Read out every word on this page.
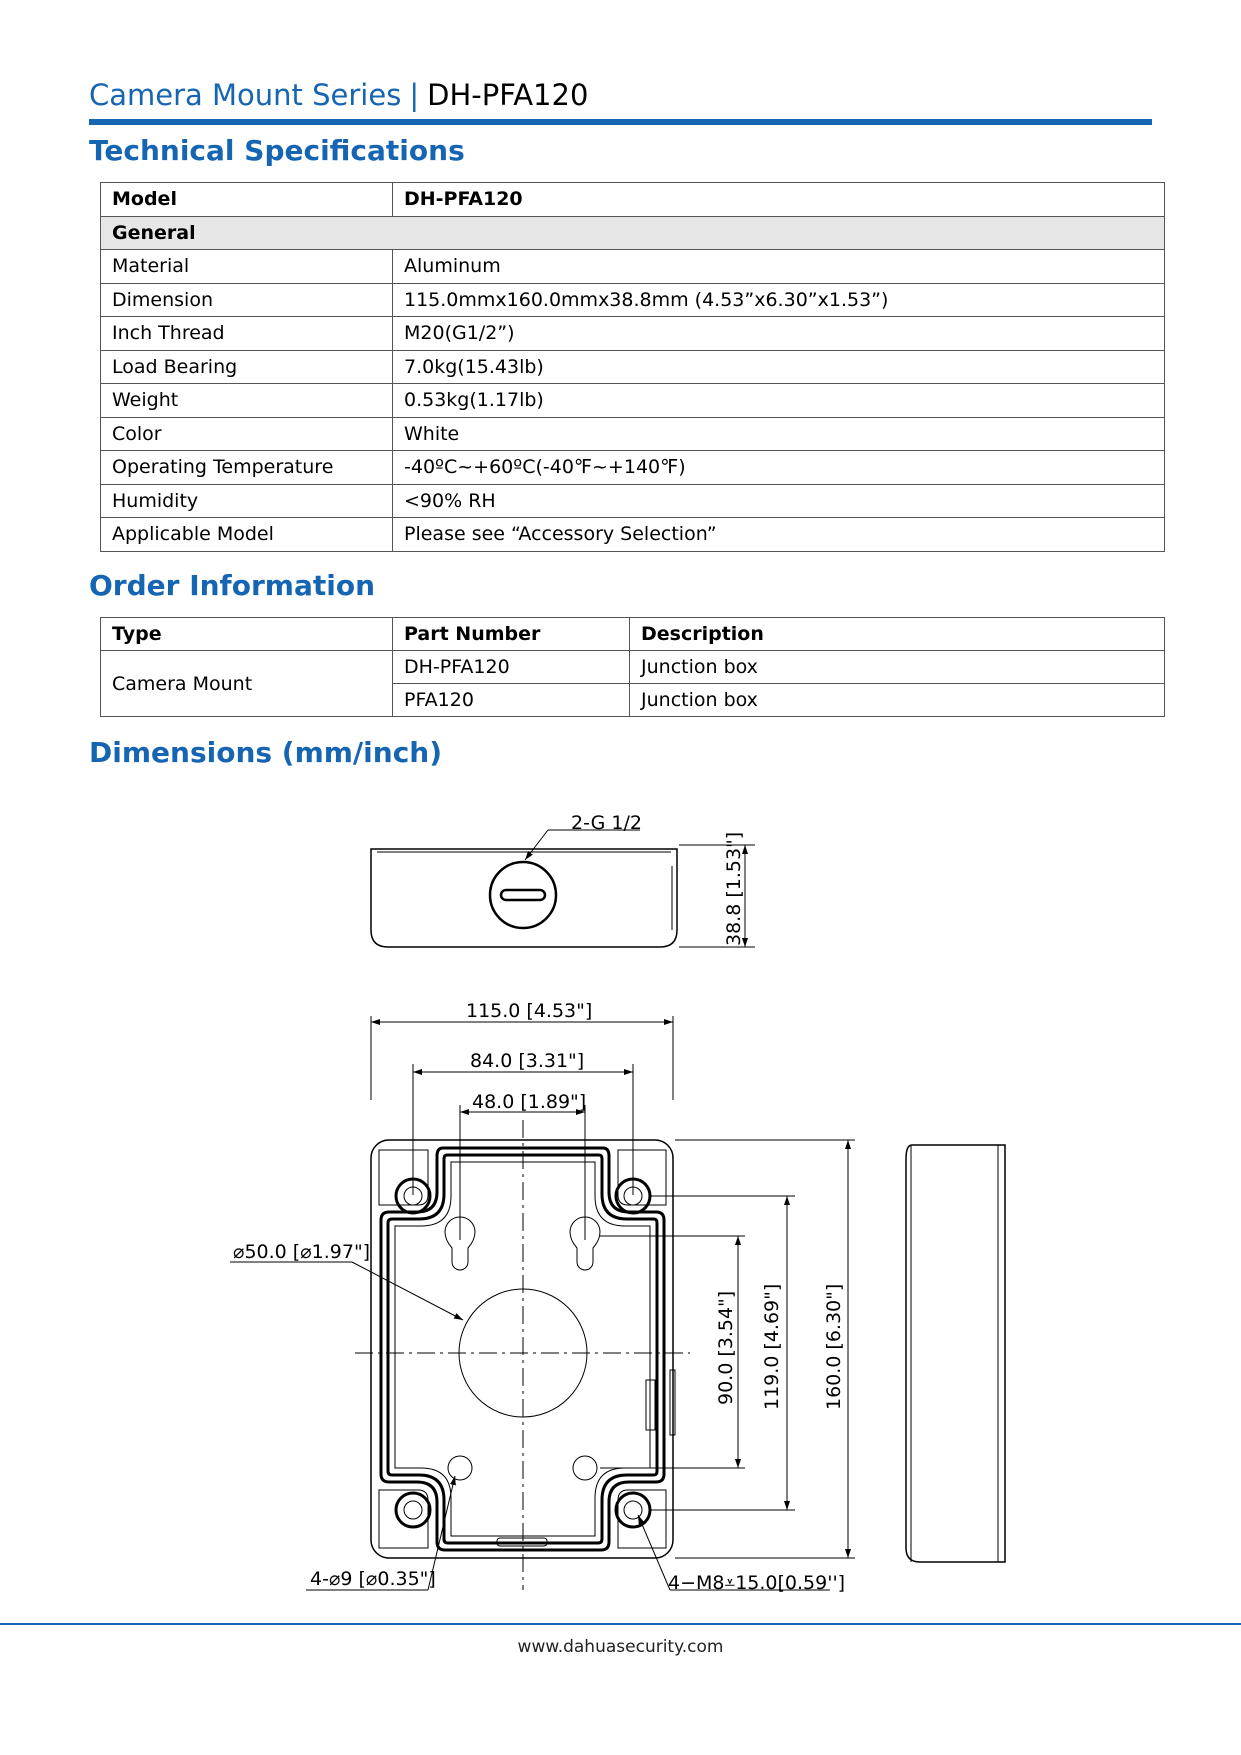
Camera Mount Series | DH-PFA120
Technical Specifications
Model	DH-PFA120
General	
Material	Aluminum
Dimension	115.0mmx160.0mmx38.8mm (4.53”x6.30”x1.53”)
Inch Thread	M20(G1/2”)
Load Bearing	7.0kg(15.43lb)
Weight	0.53kg(1.17lb)
Color	White
Operating Temperature	-40ºC~+60ºC(-40℉~+140℉)
Humidity	<90% RH
Applicable Model	Please see “Accessory Selection”
Order Information
Type	Part Number	Description
Camera Mount	DH-PFA120	Junction box
	PFA120	Junction box
Dimensions (mm/inch)
2-G 1/2
38.8 [1.53"]
115.0 [4.53"]
84.0 [3.31"]
48.0 [1.89"]
⌀50.0 [⌀1.97"]
90.0 [3.54"] 119.0 [4.69"] 160.0 [6.30"]
4-⌀9 [⌀0.35"]	4−M8⩡15.0[0.59'']
www.dahuasecurity.com
